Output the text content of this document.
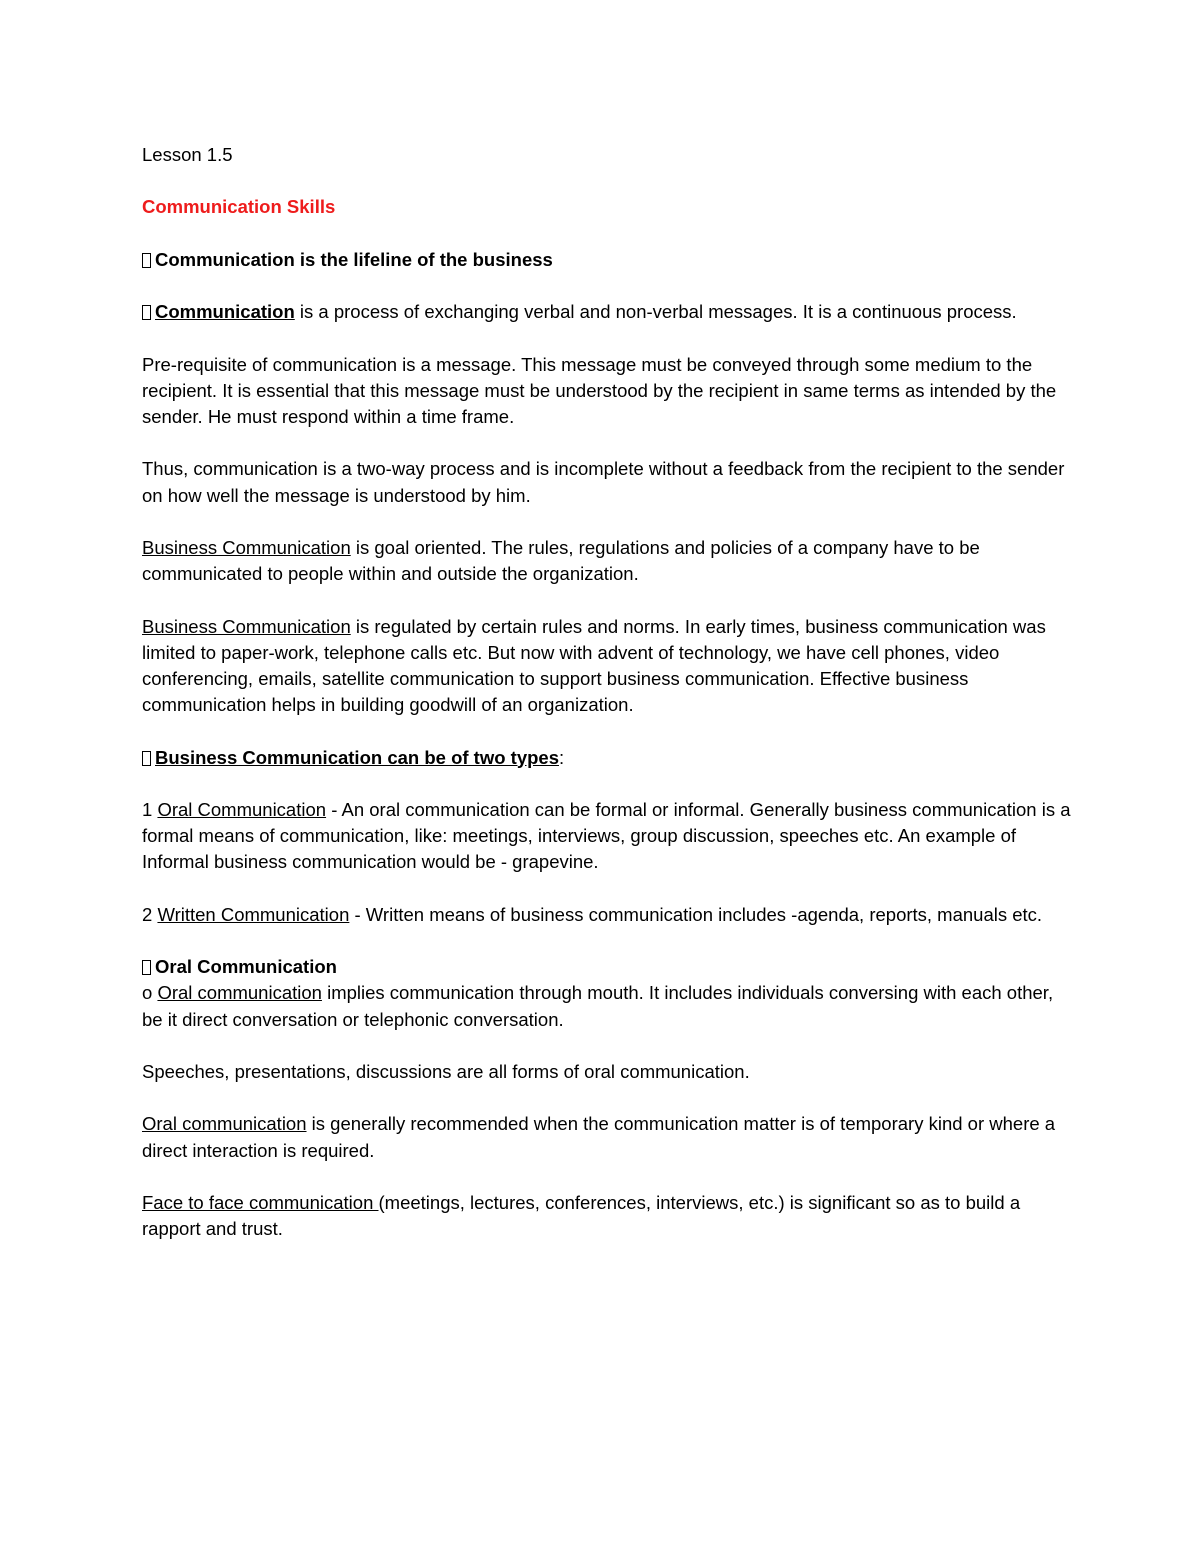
Lesson 1.5

Communication Skills

Communication is the lifeline of the business

Communication is a process of exchanging verbal and non-verbal messages. It is a continuous process.

Pre-requisite of communication is a message. This message must be conveyed through some medium to the recipient. It is essential that this message must be understood by the recipient in same terms as intended by the sender. He must respond within a time frame.

Thus, communication is a two-way process and is incomplete without a feedback from the recipient to the sender on how well the message is understood by him.

Business Communication is goal oriented. The rules, regulations and policies of a company have to be communicated to people within and outside the organization.

Business Communication is regulated by certain rules and norms. In early times, business communication was limited to paper-work, telephone calls etc. But now with advent of technology, we have cell phones, video conferencing, emails, satellite communication to support business communication. Effective business communication helps in building goodwill of an organization.

Business Communication can be of two types:

1 Oral Communication - An oral communication can be formal or informal. Generally business communication is a formal means of communication, like: meetings, interviews, group discussion, speeches etc. An example of Informal business communication would be - grapevine.

2 Written Communication - Written means of business communication includes -agenda, reports, manuals etc.

Oral Communication

o Oral communication implies communication through mouth. It includes individuals conversing with each other, be it direct conversation or telephonic conversation.

Speeches, presentations, discussions are all forms of oral communication.

Oral communication is generally recommended when the communication matter is of temporary kind or where a direct interaction is required.

Face to face communication (meetings, lectures, conferences, interviews, etc.) is significant so as to build a rapport and trust.
